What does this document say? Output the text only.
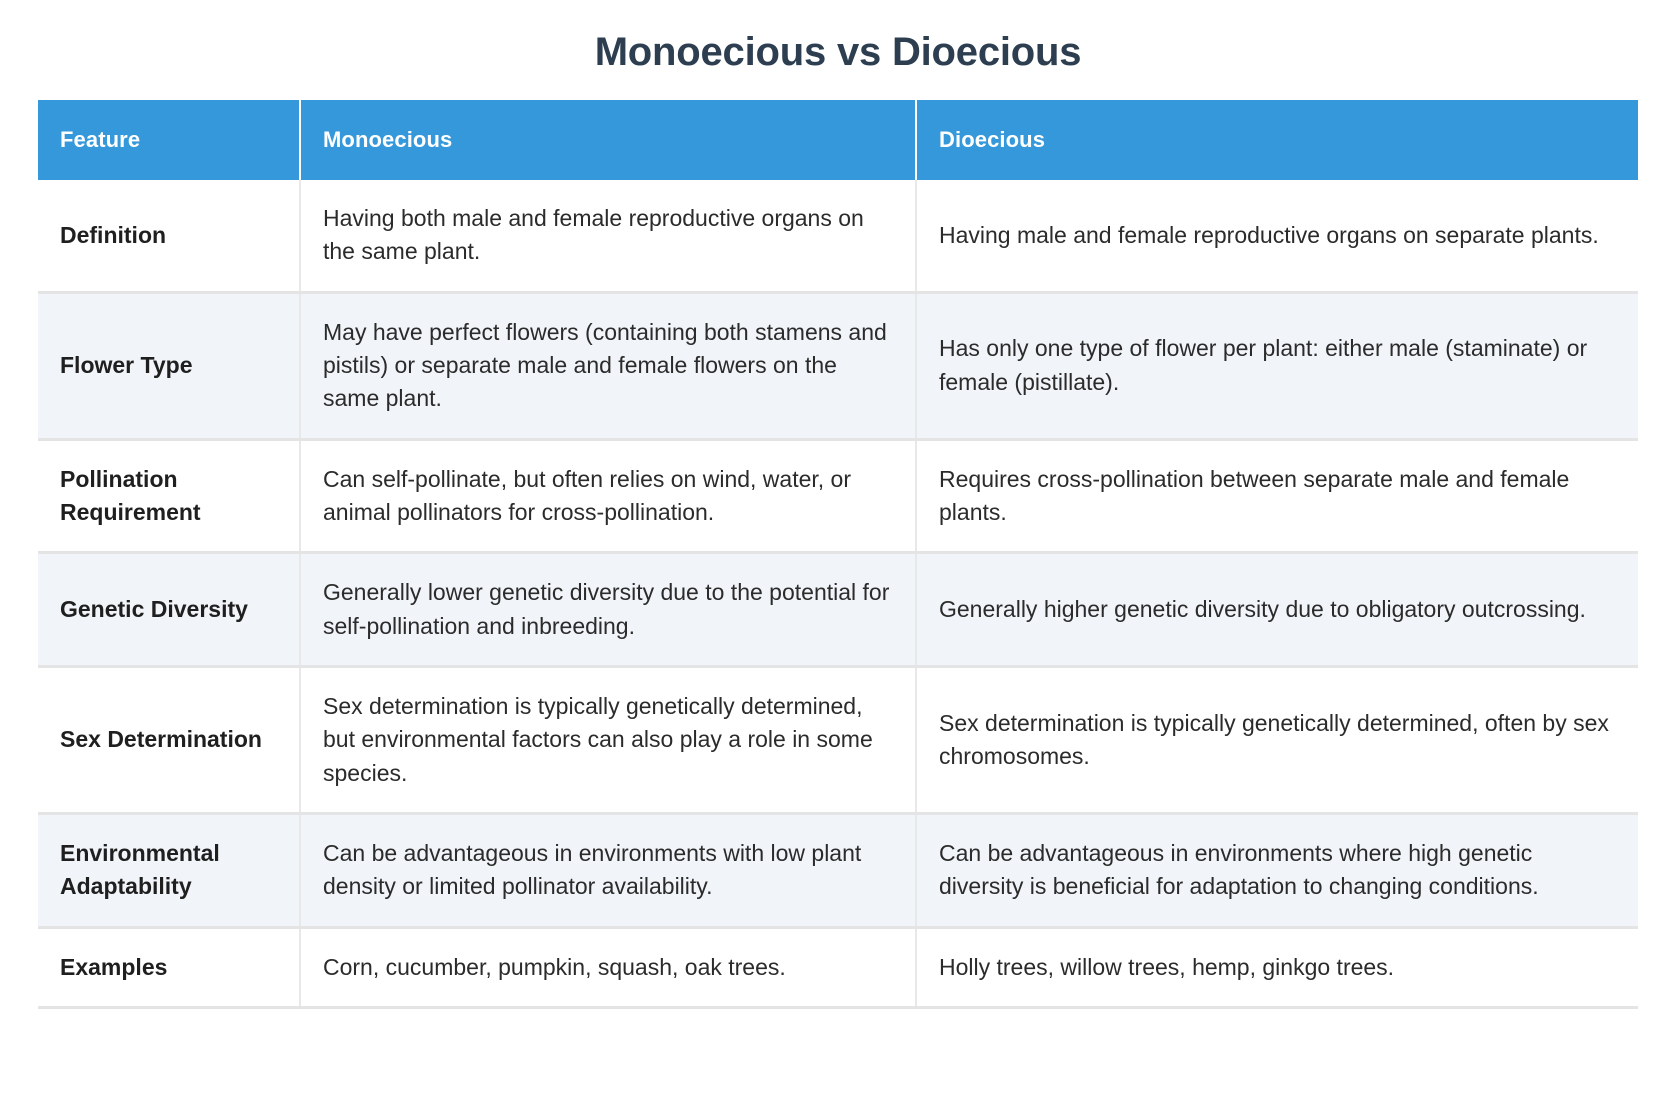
Monoecious vs Dioecious
Feature	Monoecious	Dioecious
Definition	Having both male and female reproductive organs on the same plant.	Having male and female reproductive organs on separate plants.
Flower Type	May have perfect flowers (containing both stamens and pistils) or separate male and female flowers on the same plant.	Has only one type of flower per plant: either male (staminate) or female (pistillate).
Pollination Requirement	Can self-pollinate, but often relies on wind, water, or animal pollinators for cross-pollination.	Requires cross-pollination between separate male and female plants.
Genetic Diversity	Generally lower genetic diversity due to the potential for self-pollination and inbreeding.	Generally higher genetic diversity due to obligatory outcrossing.
Sex Determination	Sex determination is typically genetically determined, but environmental factors can also play a role in some species.	Sex determination is typically genetically determined, often by sex chromosomes.
Environmental Adaptability	Can be advantageous in environments with low plant density or limited pollinator availability.	Can be advantageous in environments where high genetic diversity is beneficial for adaptation to changing conditions.
Examples	Corn, cucumber, pumpkin, squash, oak trees.	Holly trees, willow trees, hemp, ginkgo trees.
